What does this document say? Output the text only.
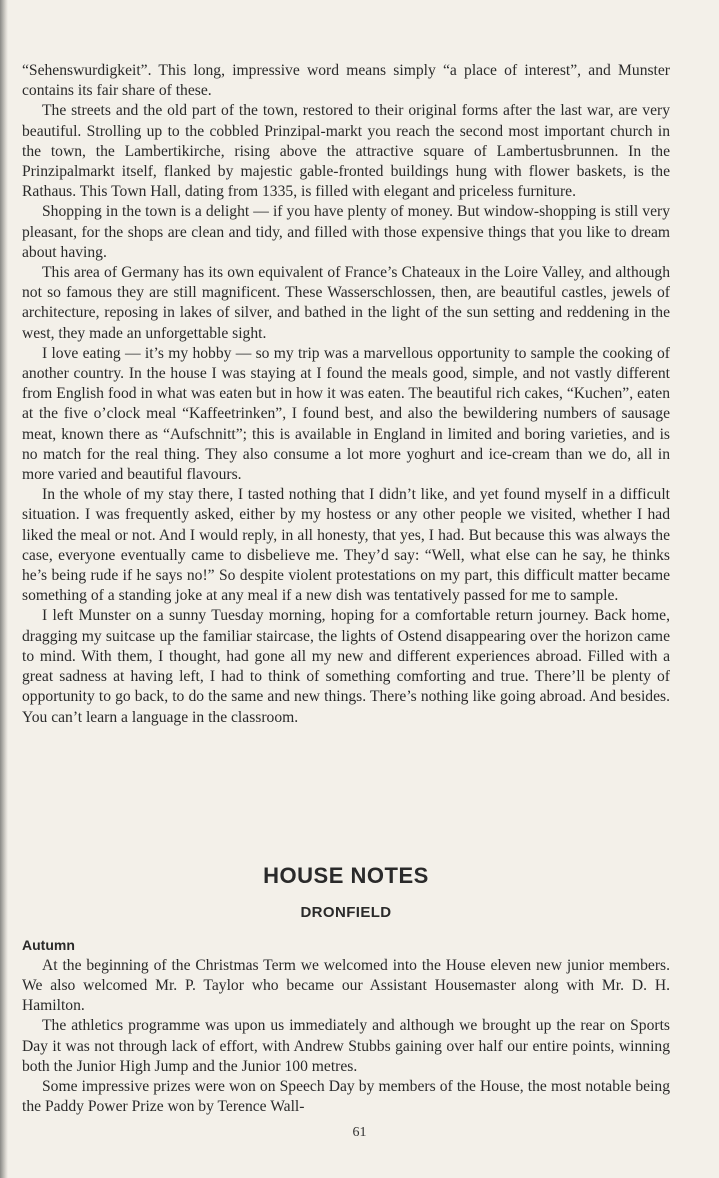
“Sehenswurdigkeit”. This long, impressive word means simply “a place of interest”, and Munster contains its fair share of these.

The streets and the old part of the town, restored to their original forms after the last war, are very beautiful. Strolling up to the cobbled Prinzipal-markt you reach the second most important church in the town, the Lambertikirche, rising above the attractive square of Lambertusbrunnen. In the Prinzipalmarkt itself, flanked by majestic gable-fronted buildings hung with flower baskets, is the Rathaus. This Town Hall, dating from 1335, is filled with elegant and priceless furniture.

Shopping in the town is a delight — if you have plenty of money. But window-shopping is still very pleasant, for the shops are clean and tidy, and filled with those expensive things that you like to dream about having.

This area of Germany has its own equivalent of France’s Chateaux in the Loire Valley, and although not so famous they are still magnificent. These Wasserschlossen, then, are beautiful castles, jewels of architecture, reposing in lakes of silver, and bathed in the light of the sun setting and reddening in the west, they made an unforgettable sight.

I love eating — it’s my hobby — so my trip was a marvellous opportunity to sample the cooking of another country. In the house I was staying at I found the meals good, simple, and not vastly different from English food in what was eaten but in how it was eaten. The beautiful rich cakes, “Kuchen”, eaten at the five o’clock meal “Kaffeetrinken”, I found best, and also the bewildering numbers of sausage meat, known there as “Aufschnitt”; this is available in England in limited and boring varieties, and is no match for the real thing. They also consume a lot more yoghurt and ice-cream than we do, all in more varied and beautiful flavours.

In the whole of my stay there, I tasted nothing that I didn’t like, and yet found myself in a difficult situation. I was frequently asked, either by my hostess or any other people we visited, whether I had liked the meal or not. And I would reply, in all honesty, that yes, I had. But because this was always the case, everyone eventually came to disbelieve me. They’d say: “Well, what else can he say, he thinks he’s being rude if he says no!” So despite violent protestations on my part, this difficult matter became something of a standing joke at any meal if a new dish was tentatively passed for me to sample.

I left Munster on a sunny Tuesday morning, hoping for a comfortable return journey. Back home, dragging my suitcase up the familiar staircase, the lights of Ostend disappearing over the horizon came to mind. With them, I thought, had gone all my new and different experiences abroad. Filled with a great sadness at having left, I had to think of something comforting and true. There’ll be plenty of opportunity to go back, to do the same and new things. There’s nothing like going abroad. And besides. You can’t learn a language in the classroom.

HOUSE NOTES
DRONFIELD
Autumn

At the beginning of the Christmas Term we welcomed into the House eleven new junior members. We also welcomed Mr. P. Taylor who became our Assistant Housemaster along with Mr. D. H. Hamilton.

The athletics programme was upon us immediately and although we brought up the rear on Sports Day it was not through lack of effort, with Andrew Stubbs gaining over half our entire points, winning both the Junior High Jump and the Junior 100 metres.

Some impressive prizes were won on Speech Day by members of the House, the most notable being the Paddy Power Prize won by Terence Wall-

61
